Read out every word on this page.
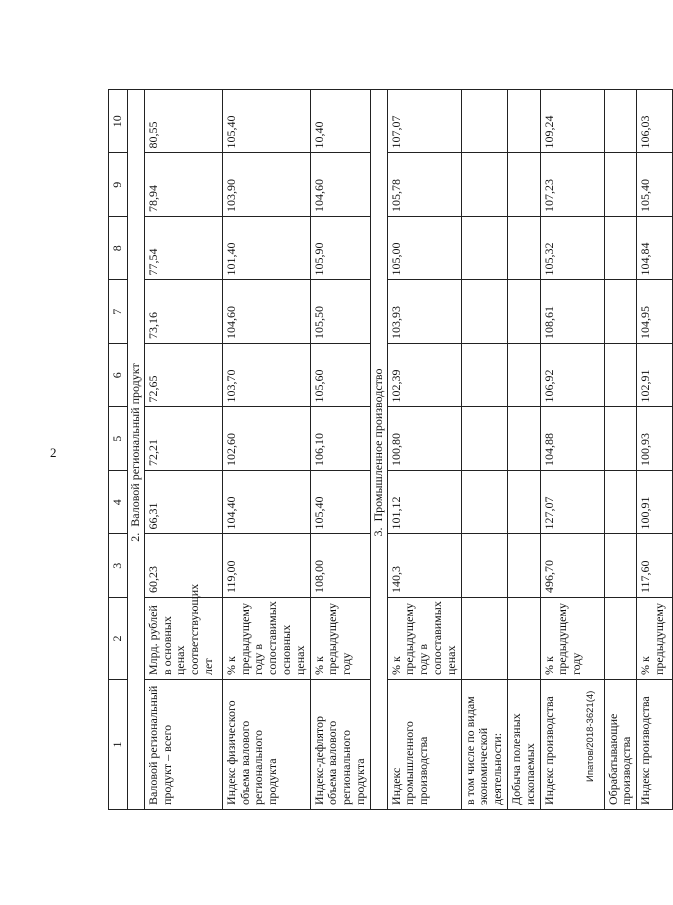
2
1	2	3	4	5	6	7	8	9	10
2.Валовой региональный продукт									
Валовой региональный продукт – всего	Млрд. рублей в основных ценах соответствующих лет	60,23	66,31	72,21	72,65	73,16	77,54	78,94	80,55
Индекс физического объема валового регионального продукта	% к предыдущему году в сопоставимых основных ценах	119,00	104,40	102,60	103,70	104,60	101,40	103,90	105,40
Индекс-дефлятор объема валового регионального продукта	% к предыдущему году	108,00	105,40	106,10	105,60	105,50	105,90	104,60	10,40
3.Промышленное производство									
Индекс промышленного производства	% к предыдущему году в сопоставимых ценах	140,3	101,12	100,80	102,39	103,93	105,00	105,78	107,07
в том числе по видам экономической деятельности:									
Добыча полезных ископаемых									
Индекс производства	% к предыдущему году	496,70	127,07	104,88	106,92	108,61	105,32	107,23	109,24
Обрабатывающие производства									
Индекс производства	% к предыдущему	117,60	100,91	100,93	102,91	104,95	104,84	105,40	106,03
Ипатов/2018-3621(4)
